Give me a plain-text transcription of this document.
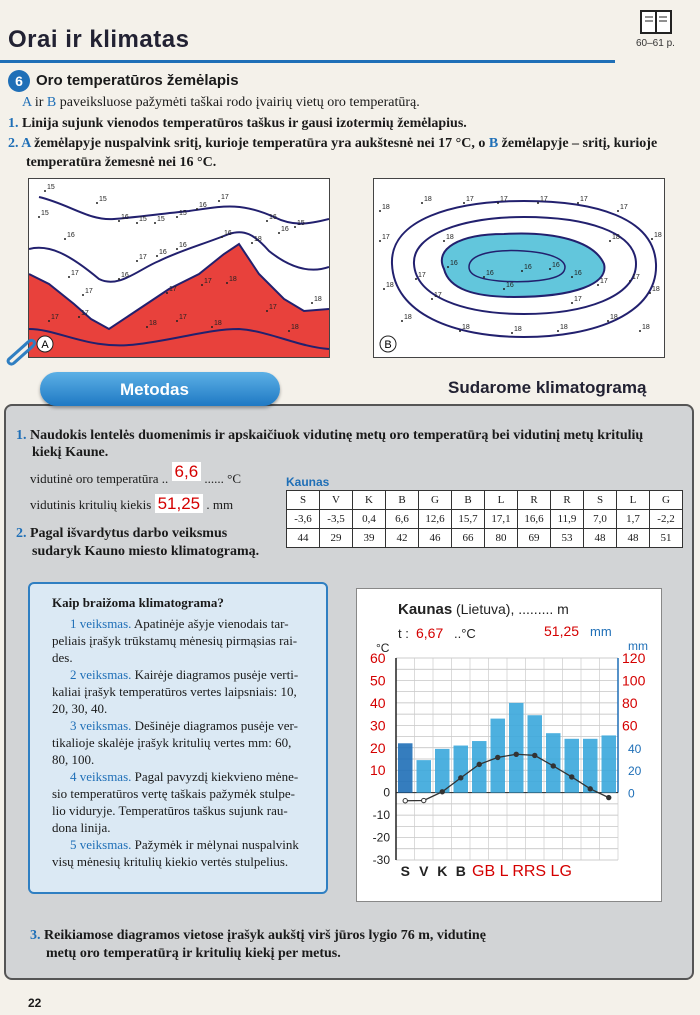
Orai ir klimatas	60–61 p.
6 Oro temperatūros žemėlapis
A ir B paveiksluose pažymėti taškai rodo įvairių vietų oro temperatūrą.
1. Linija sujunk vienodos temperatūros taškus ir gausi izotermių žemėlapius.
2. A žemėlapyje nuspalvink sritį, kurioje temperatūra yra aukštesnė nei 17 °C, o B žemėlapyje – sritį, kurioje
temperatūra žemesnė nei 16 °C.
15
15
16 15 15
15
16
17
16
16
15
15
16
17
16
16
16
18
17
17
16
17
17 18
17
17
18
17
18
17
18
18
A
18
18	17	17	17	17
17
17	18	18	18
16
16	16
16
16
16
17
17
17
17
17
18
18
18
18	18	18
18
18
B
Metodas	Sudarome klimatogramą
1. Naudokis lentelės duomenimis ir apskaičiuok vidutinę metų oro temperatūrą bei vidutinį metų kritulių
kiekį Kaune.
vidutinė oro temperatūra .. 6,6 ...... °C
vidutinis kritulių kiekis 51,25 . mm
Kaunas
S	V	K	B	G	B	L	R	R	S	L	G
-3,6	-3,5	0,4	6,6	12,6	15,7	17,1	16,6	11,9	7,0	1,7	-2,2
44	29	39	42	46	66	80	69	53	48	48	51
2. Pagal išvardytus darbo veiksmus
sudaryk Kauno miesto klimatogramą.
Kaip braižoma klimatograma?
1 veiksmas. Apatinėje ašyje vienodais tar-
peliais įrašyk trūkstamų mėnesių pirmąsias rai-
des.
2 veiksmas. Kairėje diagramos pusėje verti-
kaliai įrašyk temperatūros vertes laipsniais: 10,
20, 30, 40.
3 veiksmas. Dešinėje diagramos pusėje ver-
tikalioje skalėje įrašyk kritulių vertes mm: 60,
80, 100.
4 veiksmas. Pagal pavyzdį kiekvieno mėne-
sio temperatūros vertę taškais pažymėk stulpe-
lio viduryje. Temperatūros taškus sujunk rau-
dona linija.
5 veiksmas. Pažymėk ir mėlynai nuspalvink
visų mėnesių kritulių kiekio vertės stulpelius.
Kaunas (Lietuva), ......... m
t : 6,67 ..°C	51,25 mm
°C	mm
60
50
40
30
20
10
0
-10
-20
-30
120
100
80
60
40
20
0
S V K B GB L RRS LG
3. Reikiamose diagramos vietose įrašyk aukštį virš jūros lygio 76 m, vidutinę
metų oro temperatūrą ir kritulių kiekį per metus.
22
